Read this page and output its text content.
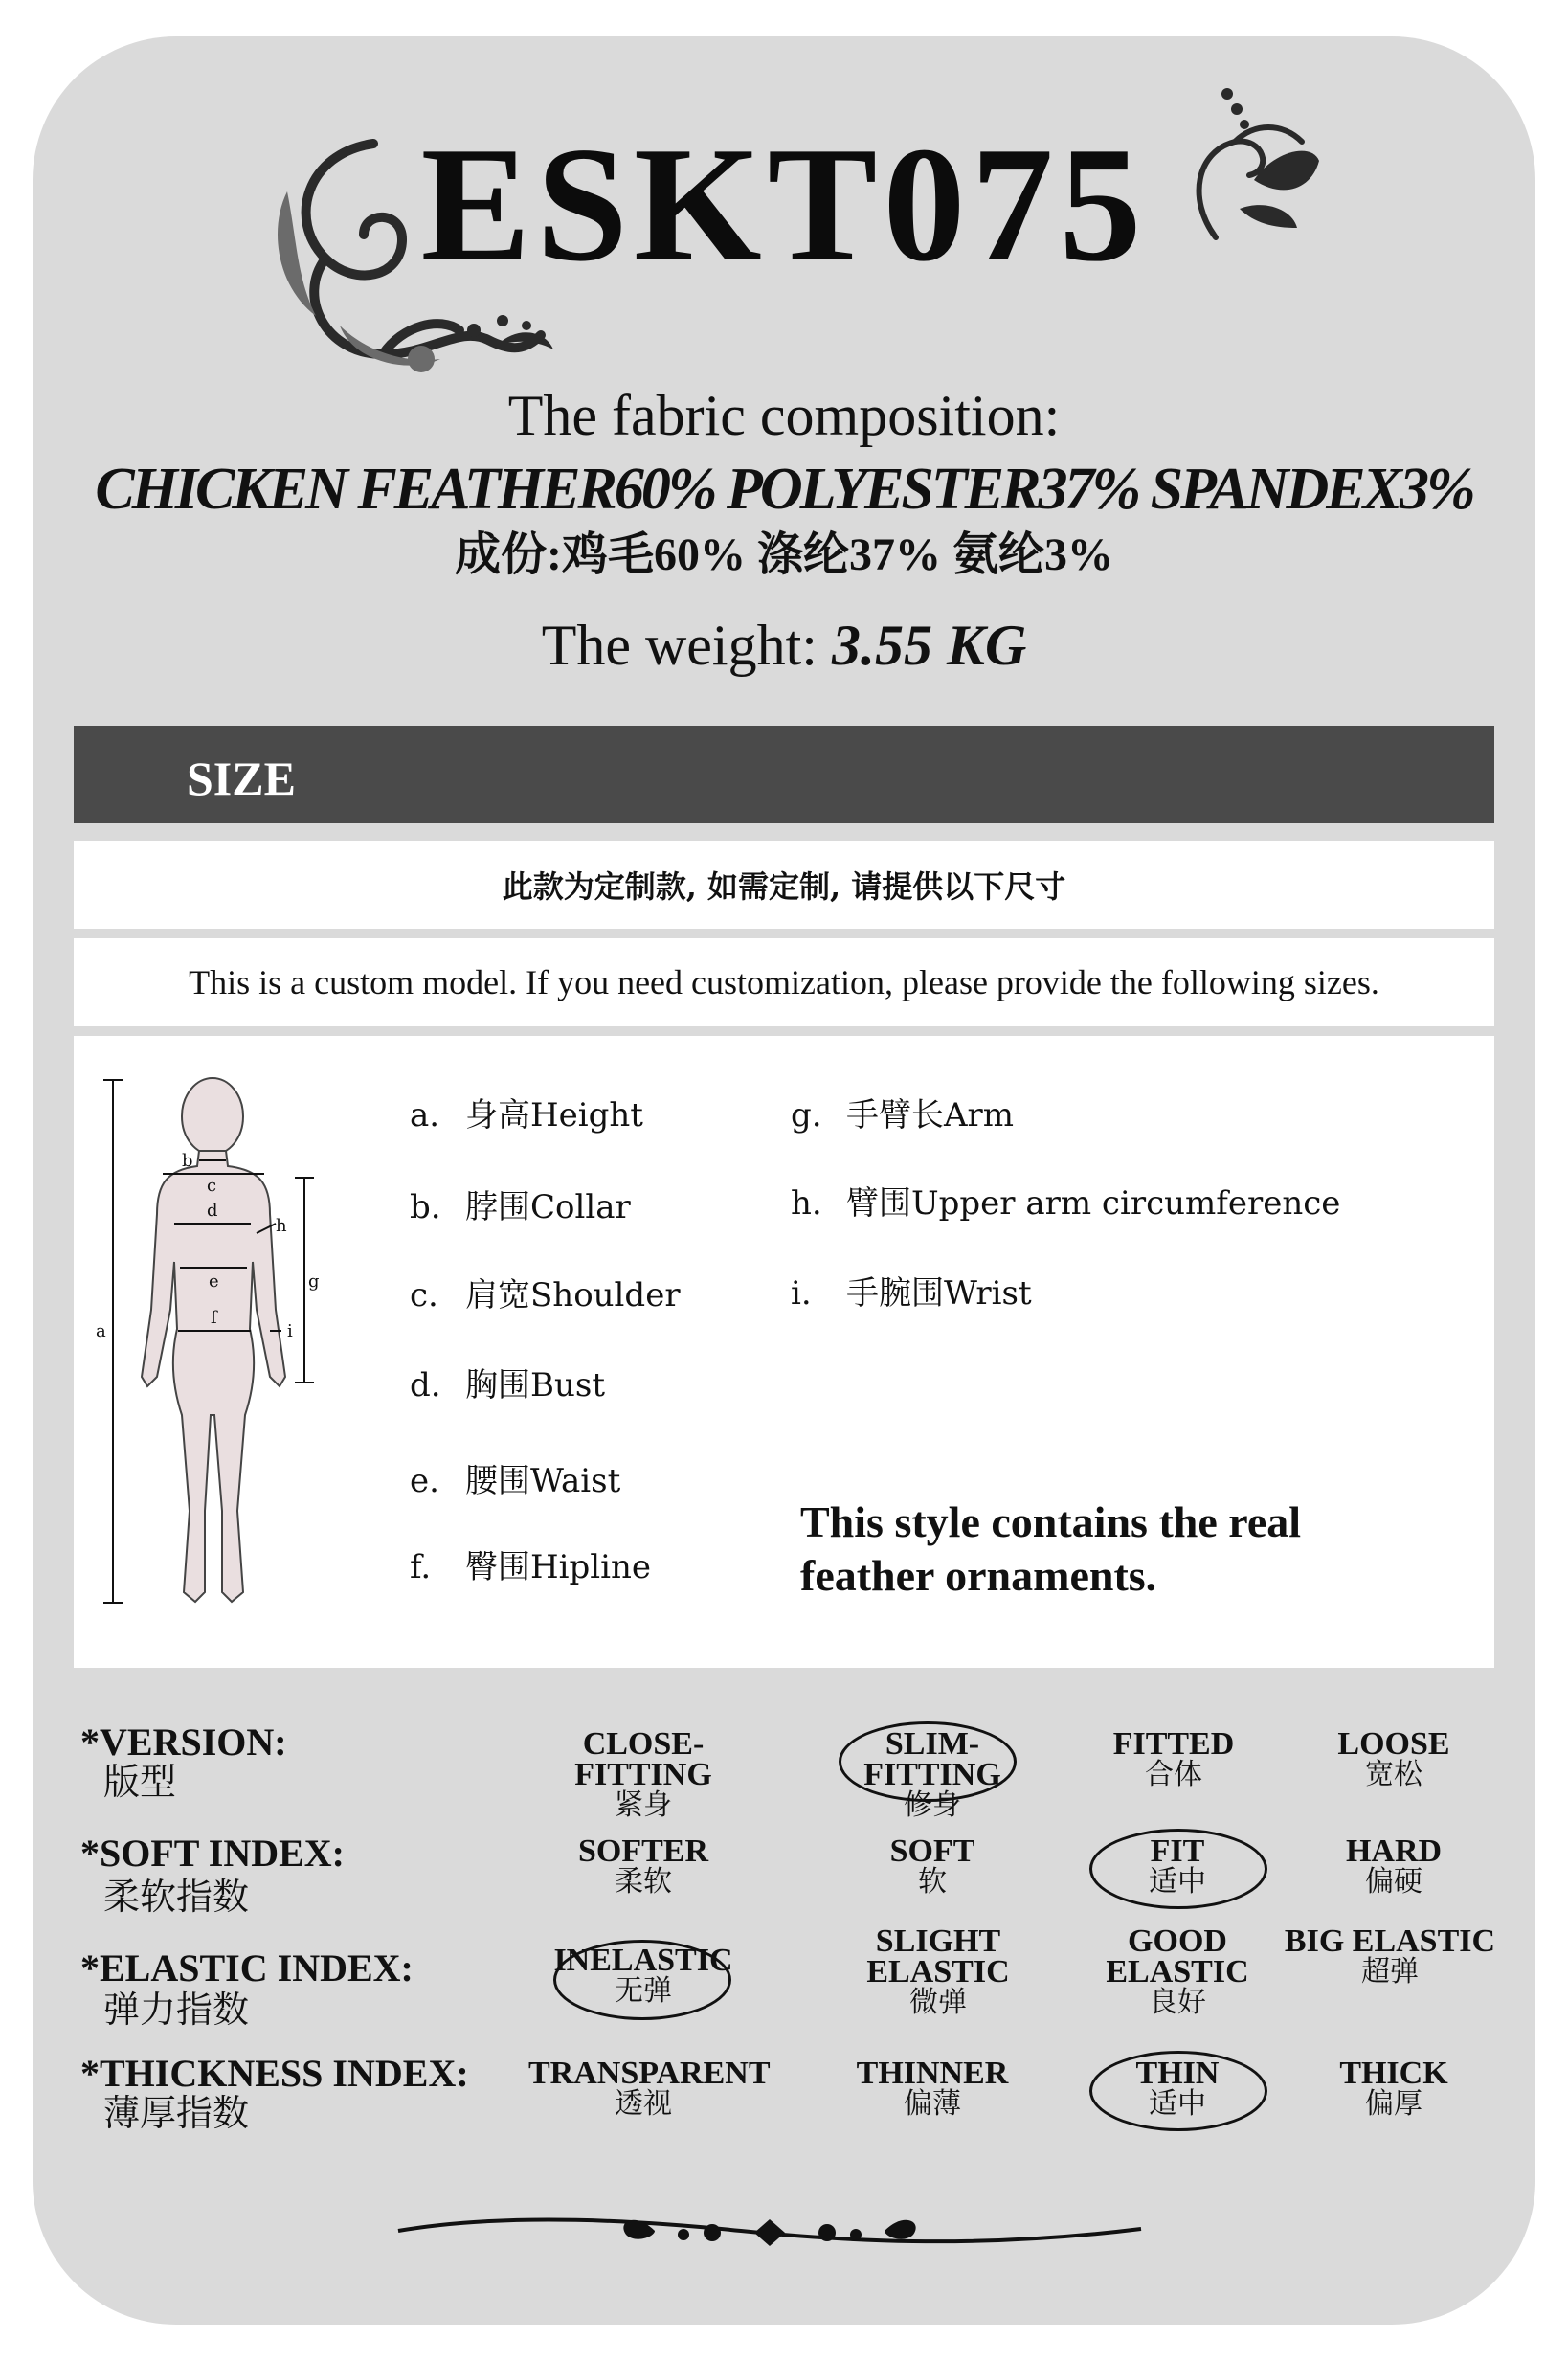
ESKT075
The fabric composition:
CHICKEN FEATHER60% POLYESTER37% SPANDEX3%
成份:鸡毛60% 涤纶37% 氨纶3%
The weight: 3.55 KG
SIZE
此款为定制款, 如需定制, 请提供以下尺寸
This is a custom model. If you need customization, please provide the following sizes.
a
b
c
d
e
f
g
h
i
a. 身高Height
b. 脖围Collar
c. 肩宽Shoulder
d. 胸围Bust
e. 腰围Waist
f. 臀围Hipline
g. 手臂长Arm
h. 臂围Upper arm circumference
i. 手腕围Wrist
This style contains the real feather ornaments.
*VERSION:
版型
*SOFT INDEX:
柔软指数
*ELASTIC INDEX:
弹力指数
*THICKNESS INDEX:
薄厚指数
CLOSE-FITTING
紧身
SLIM-FITTING
修身
FITTED
合体
LOOSE
宽松
SOFTER
柔软
SOFT
软
FIT
适中
HARD
偏硬
INELASTIC
无弹
SLIGHT ELASTIC
微弹
GOOD ELASTIC
良好
BIG ELASTIC
超弹
TRANSPARENT
透视
THINNER
偏薄
THIN
适中
THICK
偏厚
